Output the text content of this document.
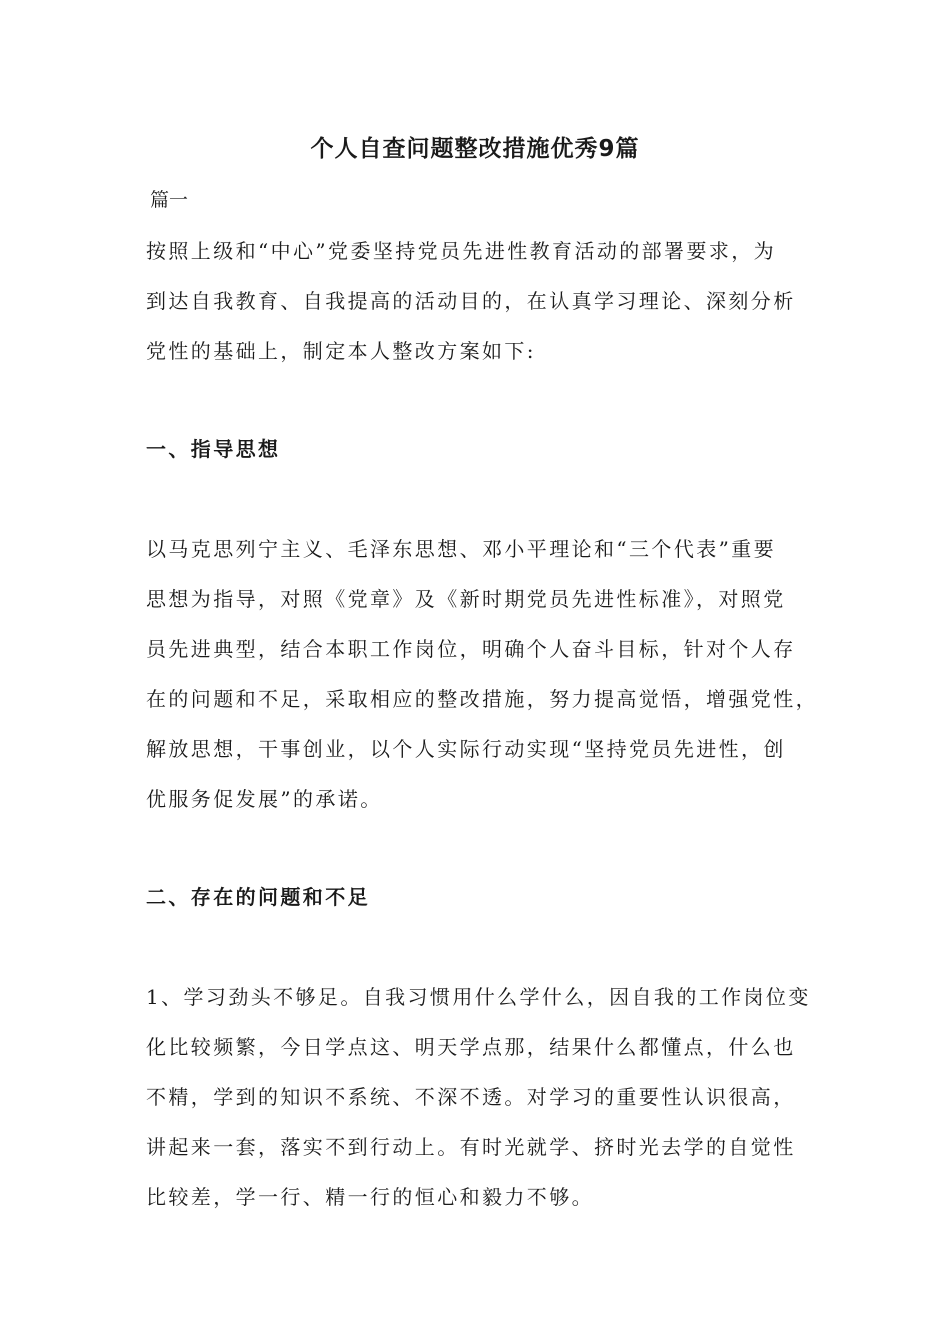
个人自查问题整改措施优秀9篇

篇一

按照上级和“中心”党委坚持党员先进性教育活动的部署要求，为
到达自我教育、自我提高的活动目的，在认真学习理论、深刻分析
党性的基础上，制定本人整改方案如下:

一、指导思想

以马克思列宁主义、毛泽东思想、邓小平理论和“三个代表”重要
思想为指导，对照《党章》及《新时期党员先进性标准》，对照党
员先进典型，结合本职工作岗位，明确个人奋斗目标，针对个人存
在的问题和不足，采取相应的整改措施，努力提高觉悟，增强党性，
解放思想，干事创业，以个人实际行动实现“坚持党员先进性，创
优服务促发展”的承诺。

二、存在的问题和不足

1、学习劲头不够足。自我习惯用什么学什么，因自我的工作岗位变
化比较频繁，今日学点这、明天学点那，结果什么都懂点，什么也
不精，学到的知识不系统、不深不透。对学习的重要性认识很高，
讲起来一套，落实不到行动上。有时光就学、挤时光去学的自觉性
比较差，学一行、精一行的恒心和毅力不够。
